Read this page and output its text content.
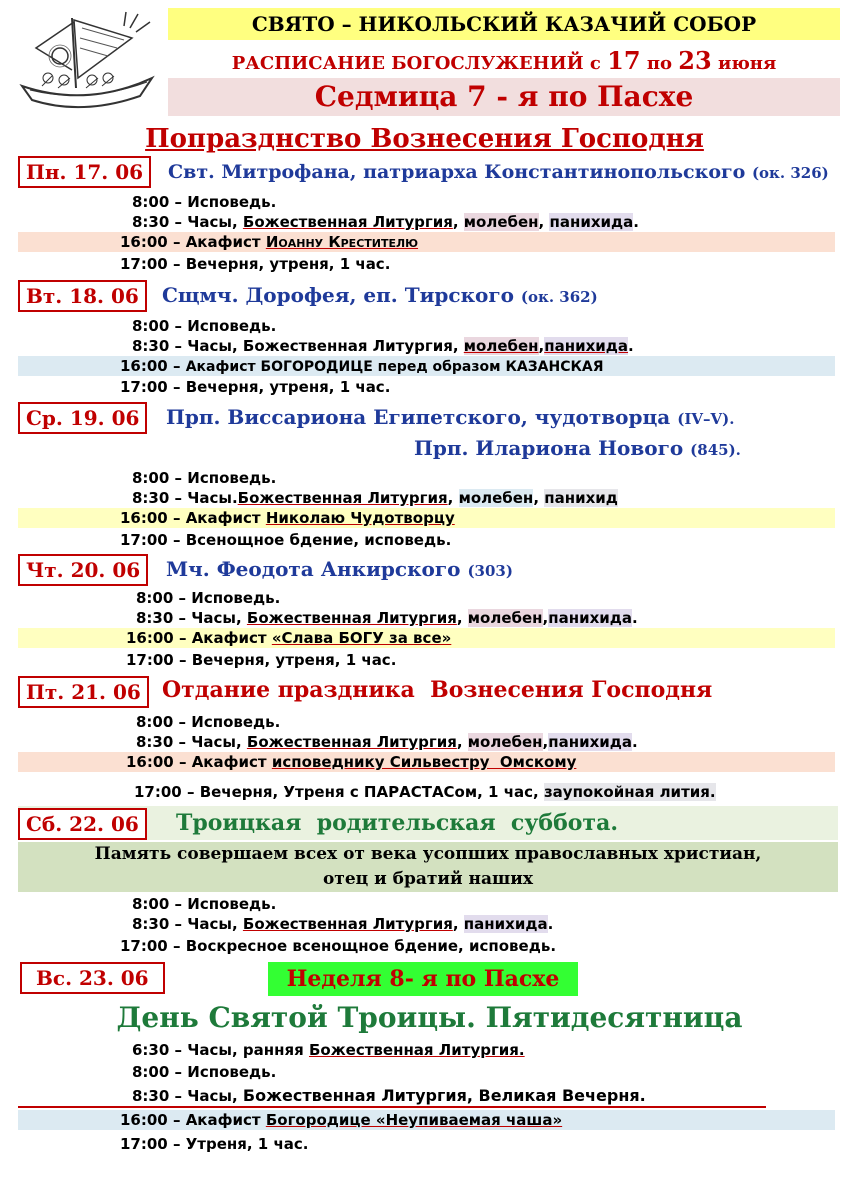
СВЯТО – НИКОЛЬСКИЙ КАЗАЧИЙ СОБОР
РАСПИСАНИЕ БОГОСЛУЖЕНИЙ с 17 по 23 июня
Седмица 7 - я по Пасхе
Попразднство Вознесения Господня
Пн. 17. 06	Свт. Митрофана, патриарха Константинопольского (ок. 326)
8:00 – Исповедь.
8:30 – Часы, Божественная Литургия, молебен, панихида.
16:00 – Акафист Иоанну Крестителю
17:00 – Вечерня, утреня, 1 час.
Вт. 18. 06	Сщмч. Дорофея, еп. Тирского (ок. 362)
8:00 – Исповедь.
8:30 – Часы, Божественная Литургия, молебен,панихида.
16:00 – Акафист БОГОРОДИЦЕ перед образом КАЗАНСКАЯ
17:00 – Вечерня, утреня, 1 час.
Ср. 19. 06	Прп. Виссариона Египетского, чудотворца (IV–V).
Прп. Илариона Нового (845).
8:00 – Исповедь.
8:30 – Часы.Божественная Литургия, молебен, панихид
16:00 – Акафист Николаю Чудотворцу
17:00 – Всенощное бдение, исповедь.
Чт. 20. 06	Мч. Феодота Анкирского (303)
8:00 – Исповедь.
8:30 – Часы, Божественная Литургия, молебен,панихида.
16:00 – Акафист «Слава БОГУ за все»
17:00 – Вечерня, утреня, 1 час.
Пт. 21. 06 Отдание праздника  Вознесения Господня
8:00 – Исповедь.
8:30 – Часы, Божественная Литургия, молебен,панихида.
16:00 – Акафист исповеднику Сильвестру  Омскому
17:00 – Вечерня, Утреня с ПАРАСТАСом, 1 час, заупокойная лития.
Сб. 22. 06	Троицкая  родительская  суббота.
Память совершаем всех от века усопших православных христиан,
отец и братий наших
8:00 – Исповедь.
8:30 – Часы, Божественная Литургия, панихида.
17:00 – Воскресное всенощное бдение, исповедь.
Вс. 23. 06	Неделя 8- я по Пасхе
День Святой Троицы. Пятидесятница
6:30 – Часы, ранняя Божественная Литургия.
8:00 – Исповедь.
8:30 – Часы, Божественная Литургия, Великая Вечерня.
16:00 – Акафист Богородице «Неупиваемая чаша»
17:00 – Утреня, 1 час.
